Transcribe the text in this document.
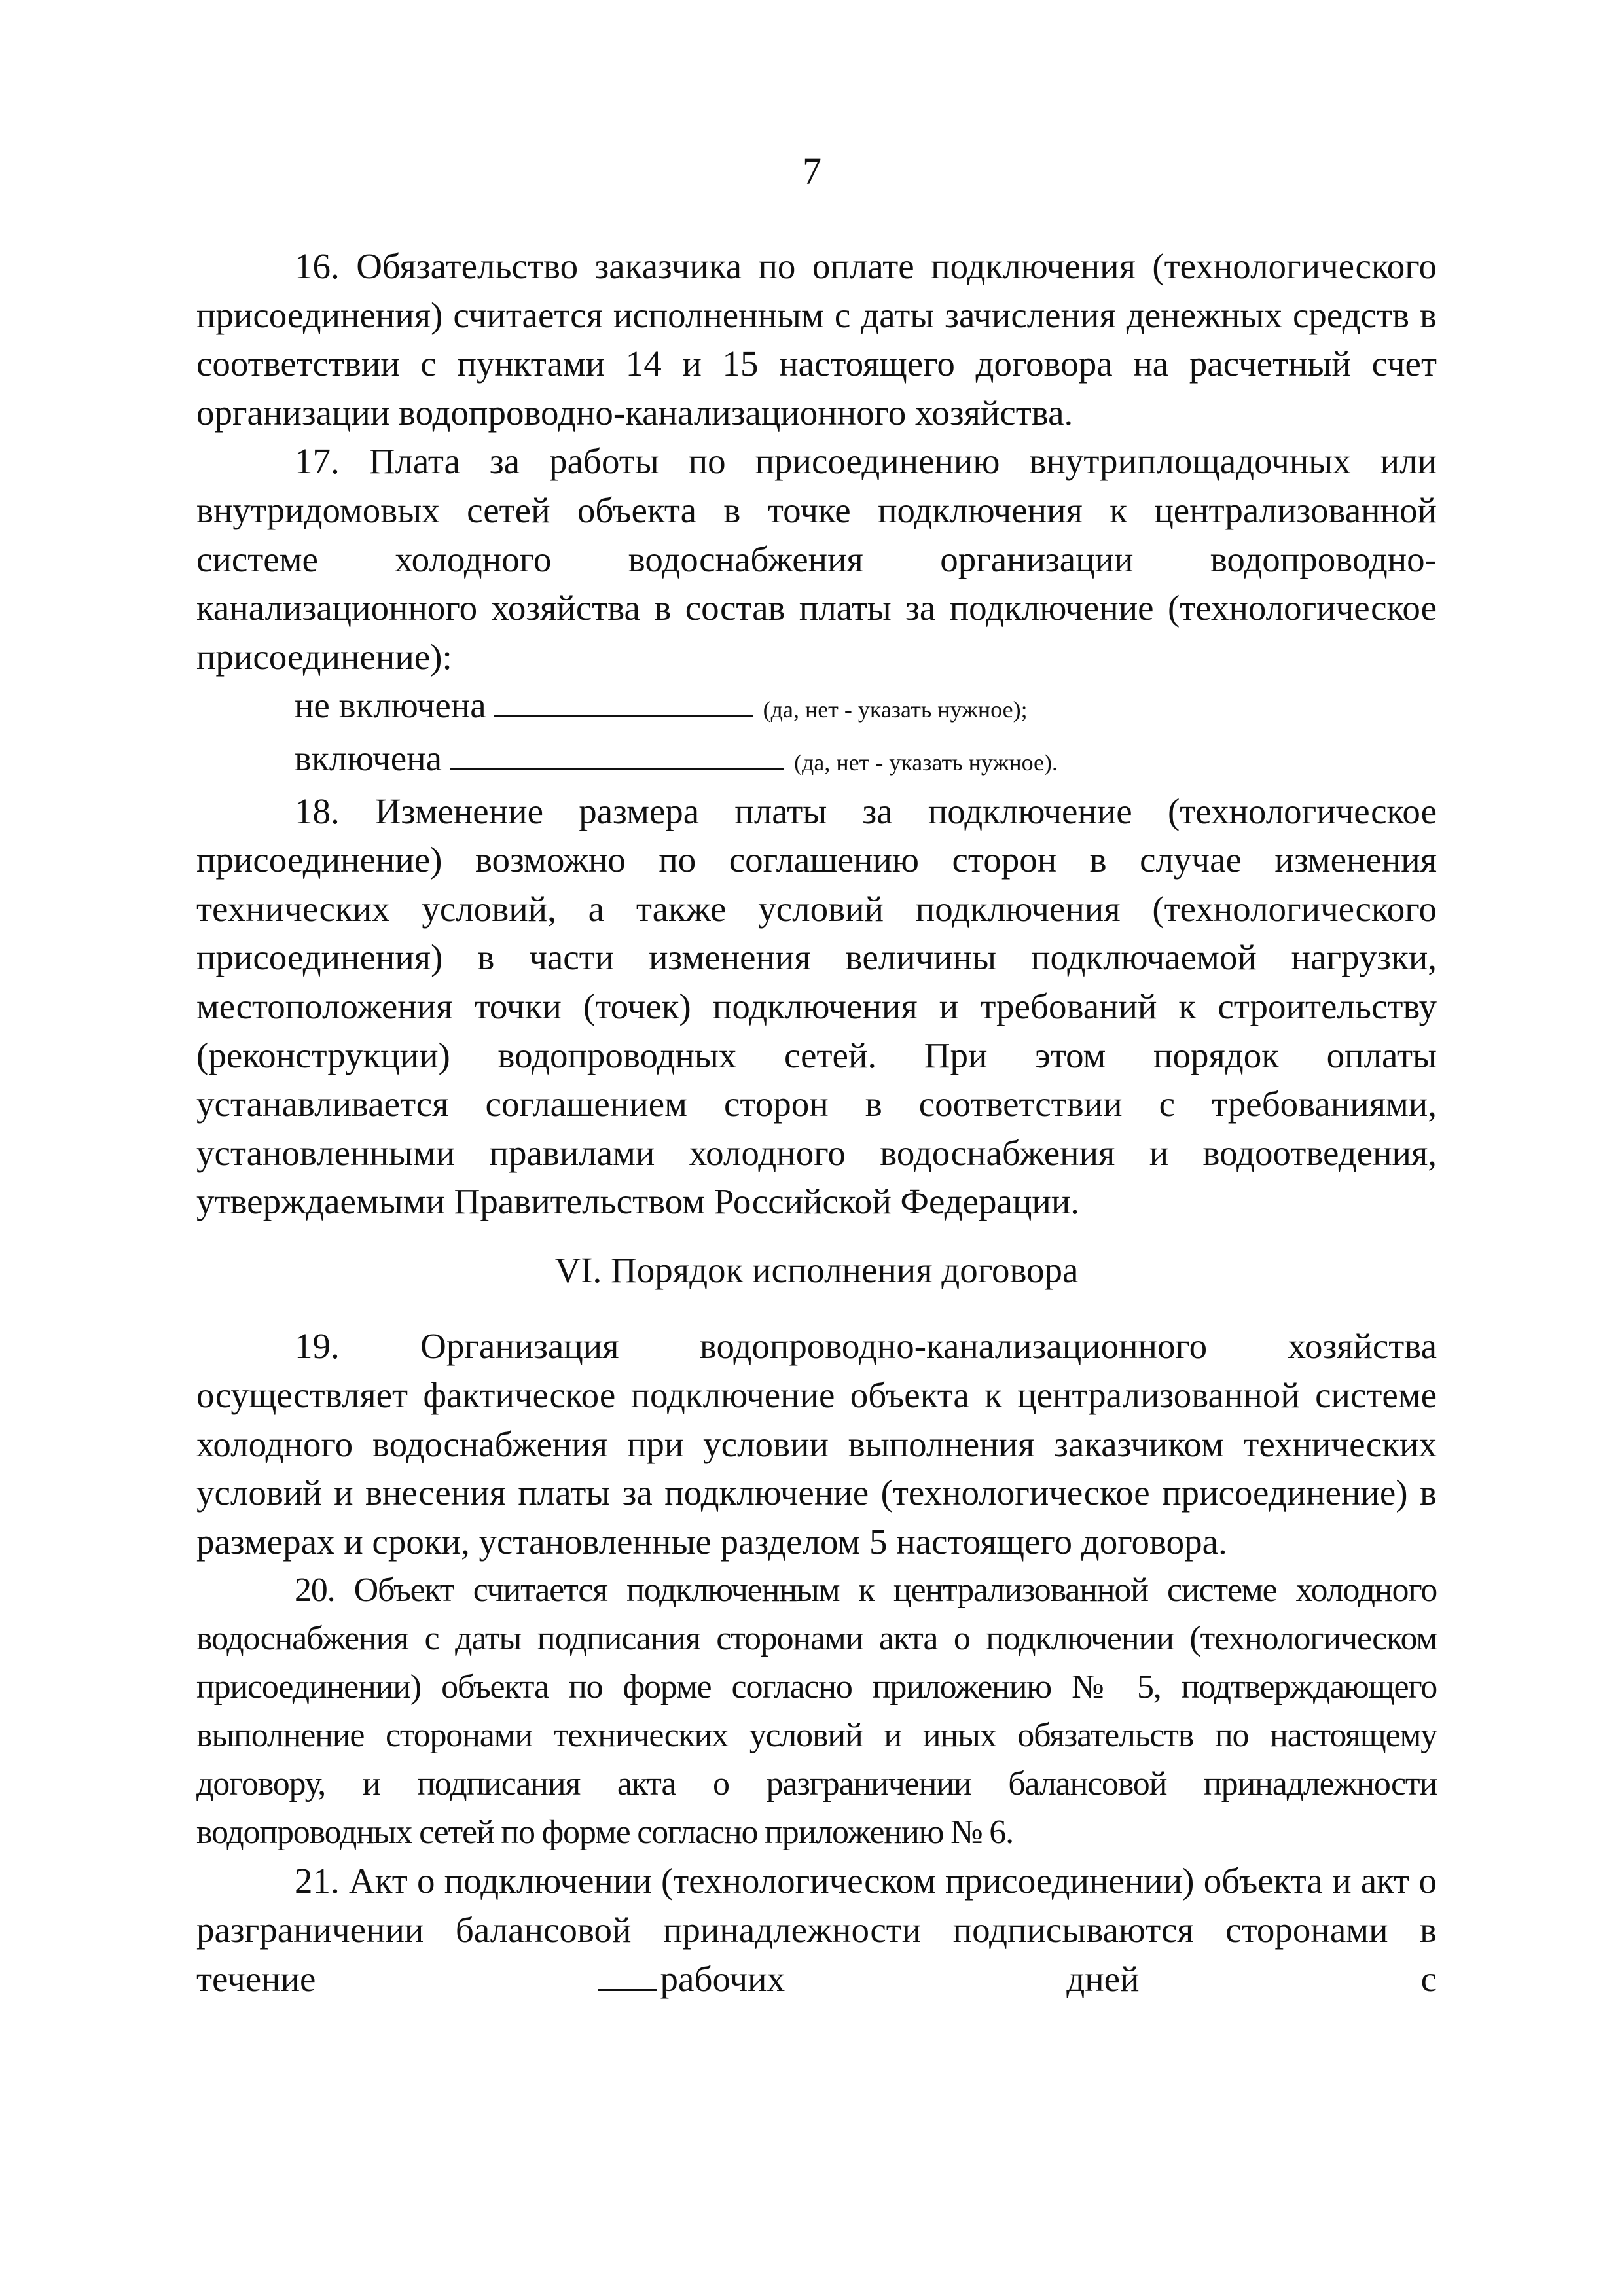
7

16. Обязательство заказчика по оплате подключения (технологического присоединения) считается исполненным с даты зачисления денежных средств в соответствии с пунктами 14 и 15 настоящего договора на расчетный счет организации водопроводно-канализационного хозяйства.

17. Плата за работы по присоединению внутриплощадочных или внутридомовых сетей объекта в точке подключения к централизованной системе холодного водоснабжения организации водопроводно-канализационного хозяйства в состав платы за подключение (технологическое присоединение):

не включена	(да, нет - указать нужное);

включена	(да, нет - указать нужное).

18. Изменение размера платы за подключение (технологическое присоединение) возможно по соглашению сторон в случае изменения технических условий, а также условий подключения (технологического присоединения) в части изменения величины подключаемой нагрузки, местоположения точки (точек) подключения и требований к строительству (реконструкции) водопроводных сетей. При этом порядок оплаты устанавливается соглашением сторон в соответствии с требованиями, установленными правилами холодного водоснабжения и водоотведения, утверждаемыми Правительством Российской Федерации.

VI. Порядок исполнения договора

19. Организация водопроводно-канализационного хозяйства осуществляет фактическое подключение объекта к централизованной системе холодного водоснабжения при условии выполнения заказчиком технических условий и внесения платы за подключение (технологическое присоединение) в размерах и сроки, установленные разделом 5 настоящего договора.

20. Объект считается подключенным к централизованной системе холодного водоснабжения с даты подписания сторонами акта о подключении (технологическом присоединении) объекта по форме согласно приложению № 5, подтверждающего выполнение сторонами технических условий и иных обязательств по настоящему договору, и подписания акта о разграничении балансовой принадлежности водопроводных сетей по форме согласно приложению № 6.

21. Акт о подключении (технологическом присоединении) объекта и акт о разграничении балансовой принадлежности подписываются сторонами в течение	рабочих дней с
